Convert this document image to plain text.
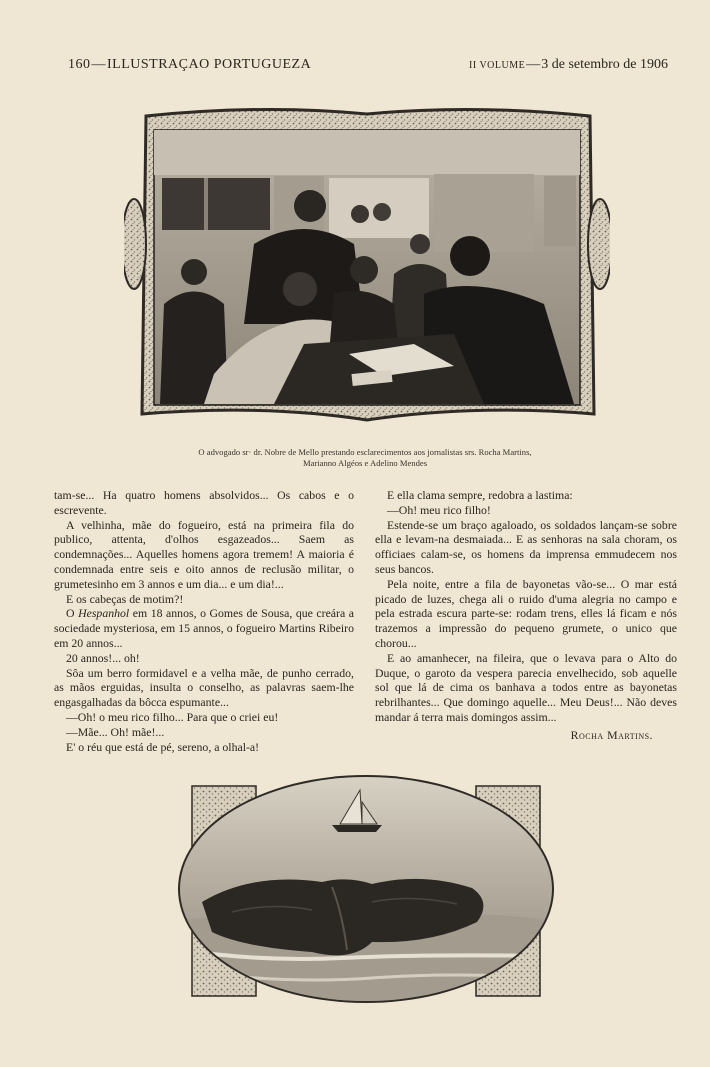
160—ILLUSTRAÇAO PORTUGUEZA	II VOLUME—3 de setembro de 1906
O advogado sr· dr. Nobre de Mello prestando esclarecimentos aos jornalistas srs. Rocha Martins,
Marianno Algéos e Adelino Mendes

tam-se... Ha quatro homens absolvidos... Os cabos e o escrevente.

A velhinha, mãe do fogueiro, está na primeira fila do publico, attenta, d'olhos esgazeados... Saem as condemnações... Aquelles homens agora tremem! A maioria é condemnada entre seis e oito annos de reclusão militar, o grumetesinho em 3 annos e um dia... e um dia!...

E os cabeças de motim?!

O Hespanhol em 18 annos, o Gomes de Sousa, que creára a sociedade mysteriosa, em 15 annos, o fogueiro Martins Ribeiro em 20 annos...

20 annos!... oh!

Sôa um berro formidavel e a velha mãe, de punho cerrado, as mãos erguidas, insulta o conselho, as palavras saem-lhe engasgalhadas da bôcca espumante...

—Oh! o meu rico filho... Para que o criei eu!

—Mãe... Oh! mãe!...

E' o réu que está de pé, sereno, a olhal-a!

E ella clama sempre, redobra a lastima:

—Oh! meu rico filho!

Estende-se um braço agaloado, os soldados lançam-se sobre ella e levam-na desmaiada... E as senhoras na sala choram, os officiaes calam-se, os homens da imprensa emmudecem nos seus bancos.

Pela noite, entre a fila de bayonetas vão-se... O mar está picado de luzes, chega ali o ruido d'uma alegria no campo e pela estrada escura parte-se: rodam trens, elles lá ficam e nós trazemos a impressão do pequeno grumete, o unico que chorou...

E ao amanhecer, na fileira, que o levava para o Alto do Duque, o garoto da vespera parecia envelhecido, sob aquelle sol que lá de cima os banhava a todos entre as bayonetas rebrilhantes... Que domingo aquelle... Meu Deus!... Não deves mandar á terra mais domingos assim...

Rocha Martins.
